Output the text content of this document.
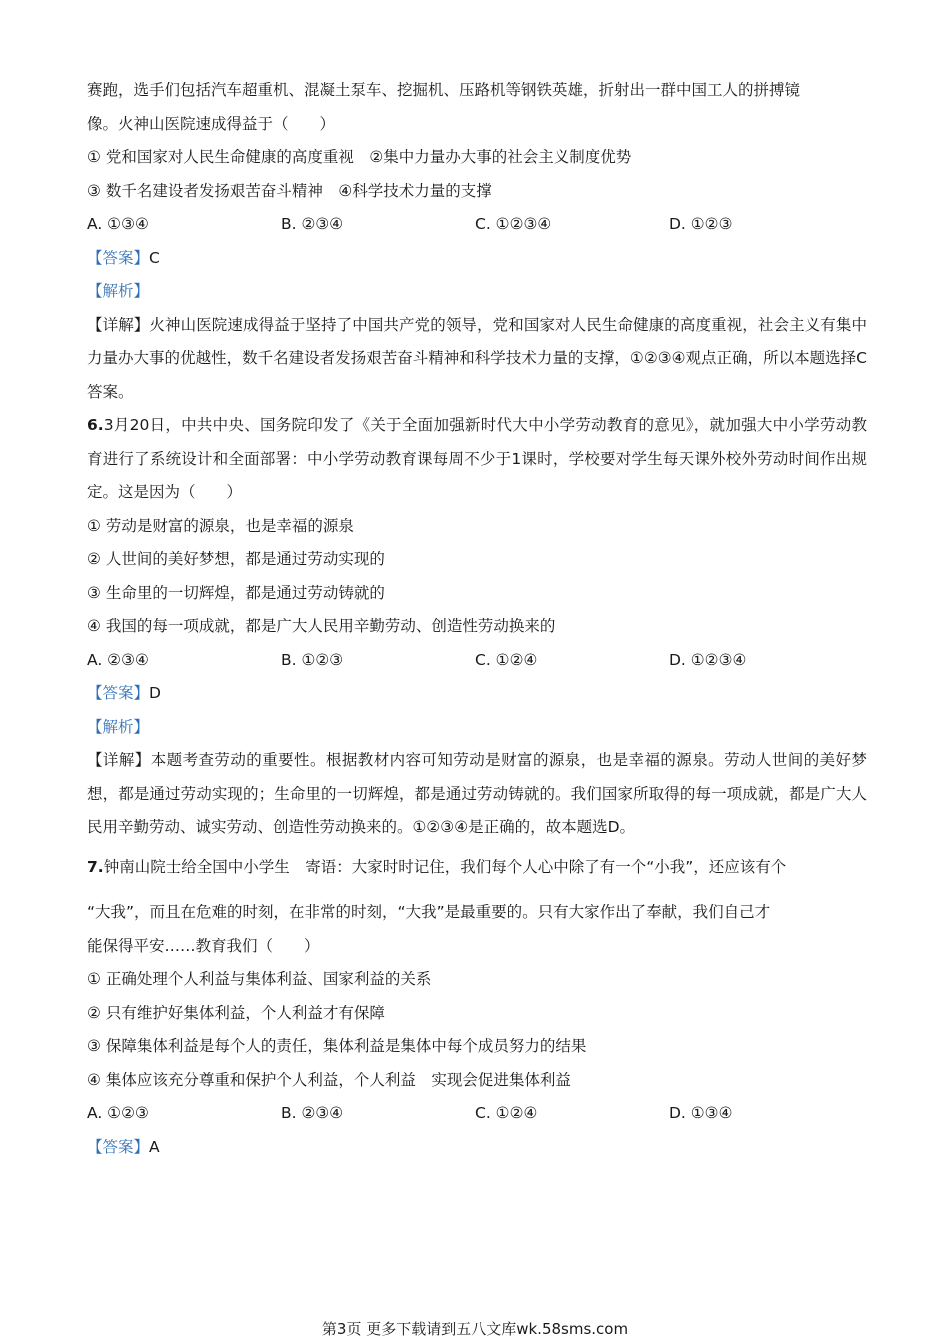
赛跑，选手们包括汽车超重机、混凝土泵车、挖掘机、压路机等钢铁英雄，折射出一群中国工人的拼搏镜
像。火神山医院速成得益于（　　）
① 党和国家对人民生命健康的高度重视　②集中力量办大事的社会主义制度优势
③ 数千名建设者发扬艰苦奋斗精神　④科学技术力量的支撑
A. ①③④	B. ②③④	C. ①②③④	D. ①②③
【答案】C
【解析】
【详解】火神山医院速成得益于坚持了中国共产党的领导，党和国家对人民生命健康的高度重视，社会主义有集中力量办大事的优越性，数千名建设者发扬艰苦奋斗精神和科学技术力量的支撑，①②③④观点正确，所以本题选择C答案。
6.3月20日，中共中央、国务院印发了《关于全面加强新时代大中小学劳动教育的意见》，就加强大中小学劳动教育进行了系统设计和全面部署：中小学劳动教育课每周不少于1课时，学校要对学生每天课外校外劳动时间作出规定。这是因为（　　）
① 劳动是财富的源泉，也是幸福的源泉
② 人世间的美好梦想，都是通过劳动实现的
③ 生命里的一切辉煌，都是通过劳动铸就的
④ 我国的每一项成就，都是广大人民用辛勤劳动、创造性劳动换来的
A. ②③④	B. ①②③	C. ①②④	D. ①②③④
【答案】D
【解析】
【详解】本题考查劳动的重要性。根据教材内容可知劳动是财富的源泉，也是幸福的源泉。劳动人世间的美好梦想，都是通过劳动实现的；生命里的一切辉煌，都是通过劳动铸就的。我们国家所取得的每一项成就，都是广大人民用辛勤劳动、诚实劳动、创造性劳动换来的。①②③④是正确的，故本题选D。
7.钟南山院士给全国中小学生　寄语：大家时时记住，我们每个人心中除了有一个“小我”，还应该有个
“大我”，而且在危难的时刻，在非常的时刻，“大我”是最重要的。只有大家作出了奉献，我们自己才
能保得平安……教育我们（　　）
① 正确处理个人利益与集体利益、国家利益的关系
② 只有维护好集体利益，个人利益才有保障
③ 保障集体利益是每个人的责任，集体利益是集体中每个成员努力的结果
④ 集体应该充分尊重和保护个人利益，个人利益　实现会促进集体利益
A. ①②③	B. ②③④	C. ①②④	D. ①③④
【答案】A
第3页 更多下载请到五八文库wk.58sms.com
